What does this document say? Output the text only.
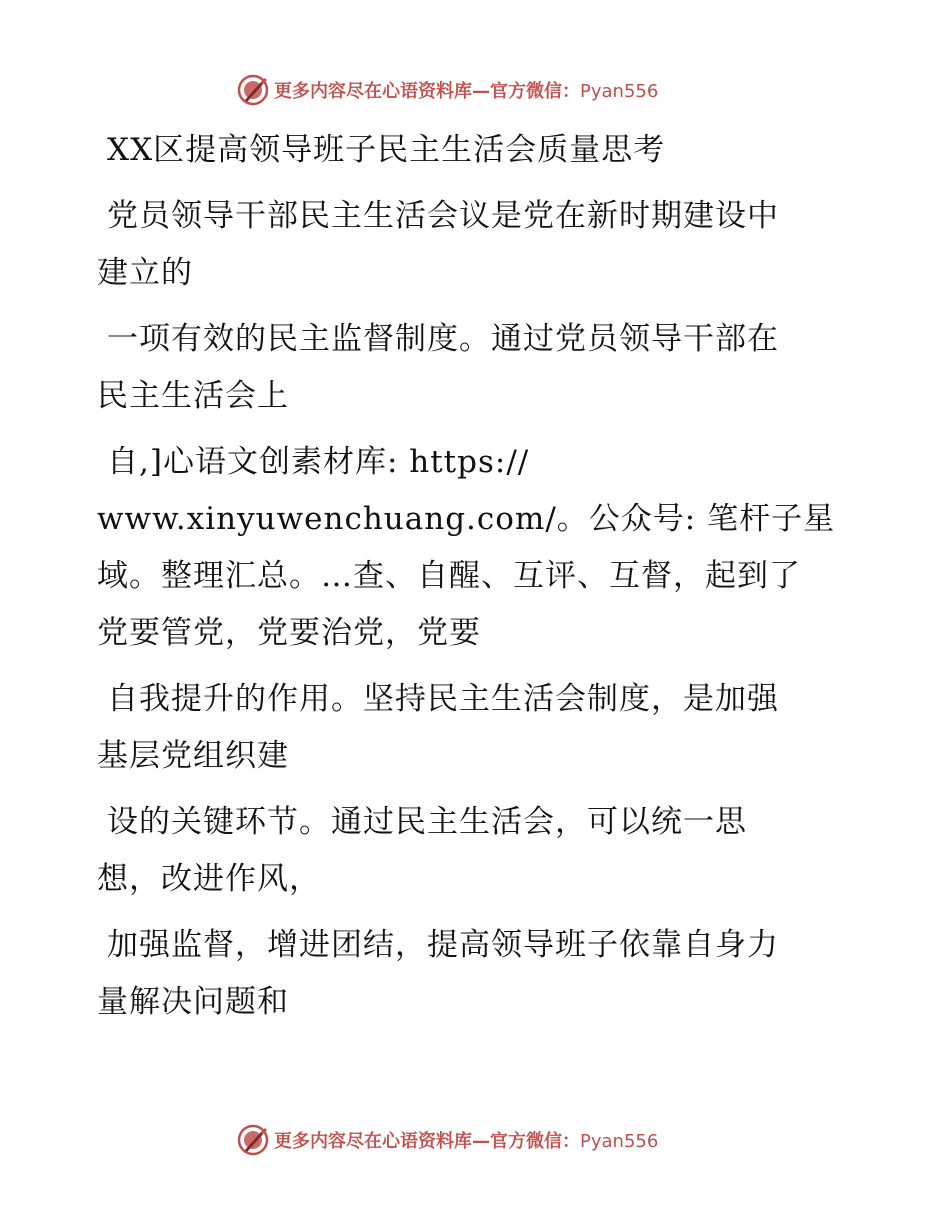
更多内容尽在心语资料库—官方微信：Pyan556
XX区提高领导班子民主生活会质量思考
党员领导干部民主生活会议是党在新时期建设中
建立的
一项有效的民主监督制度。通过党员领导干部在
民主生活会上
自,]心语文创素材库: https://
www.xinyuwenchuang.com/。公众号: 笔杆子星
域。整理汇总。…查、自醒、互评、互督，起到了
党要管党，党要治党，党要
自我提升的作用。坚持民主生活会制度，是加强
基层党组织建
设的关键环节。通过民主生活会，可以统一思
想，改进作风，
加强监督，增进团结，提高领导班子依靠自身力
量解决问题和
更多内容尽在心语资料库—官方微信：Pyan556
